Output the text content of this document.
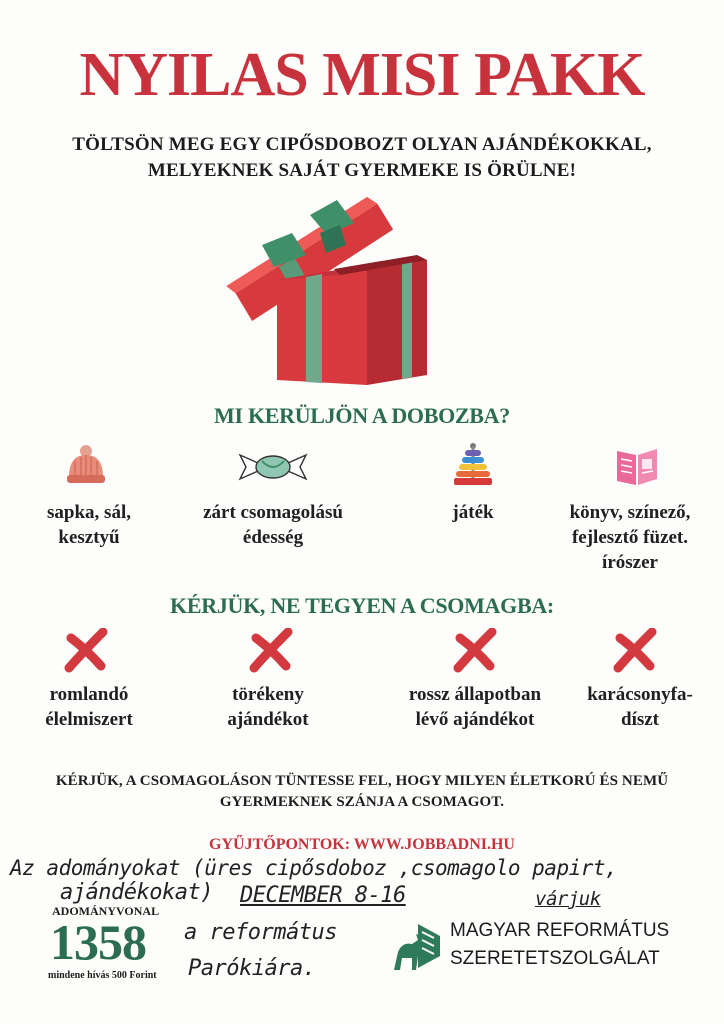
NYILAS MISI PAKK
TÖLTSÖN MEG EGY CIPŐSDOBOZT OLYAN AJÁNDÉKOKKAL,
MELYEKNEK SAJÁT GYERMEKE IS ÖRÜLNE!
MI KERÜLJÖN A DOBOZBA?
sapka, sál,
kesztyű
zárt csomagolású
édesség
játék	könyv, színező,
fejlesztő füzet.
írószer
KÉRJÜK, NE TEGYEN A CSOMAGBA:
romlandó
élelmiszert
törékeny
ajándékot
rossz állapotban
lévő ajándékot
karácsonyfa-
díszt
KÉRJÜK, A CSOMAGOLÁSON TÜNTESSE FEL, HOGY MILYEN ÉLETKORÚ ÉS NEMŰ
GYERMEKNEK SZÁNJA A CSOMAGOT.
GYŰJTŐPONTOK: WWW.JOBBADNI.HU
Az adományokat (üres cipősdoboz ,csomagolo papirt,
ajándékokat) DECEMBER 8-16	várjuk
a református
Parókiára.
ADOMÁNYVONAL
1358
mindene hívás 500 Forint
MAGYAR REFORMÁTUS
SZERETETSZOLGÁLAT
